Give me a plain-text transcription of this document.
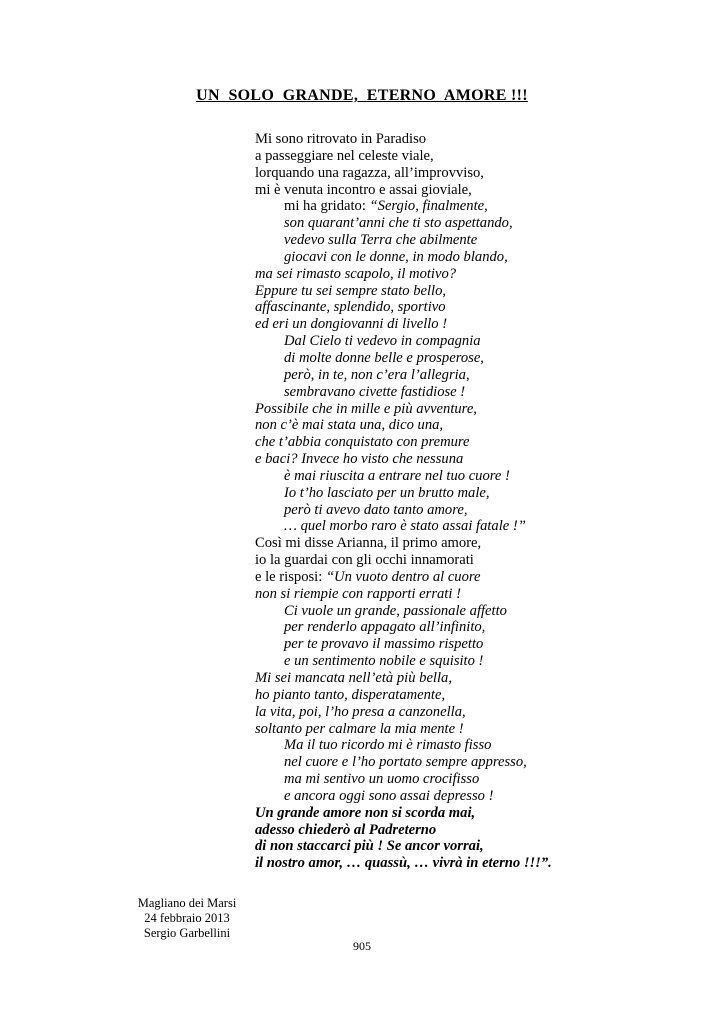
UN  SOLO  GRANDE,  ETERNO  AMORE !!!
Mi sono ritrovato in Paradiso
a passeggiare nel celeste viale,
lorquando una ragazza, all’improvviso,
mi è venuta incontro e assai gioviale,
mi ha gridato: “Sergio, finalmente,
son quarant’anni che ti sto aspettando,
vedevo sulla Terra che abilmente
giocavi con le donne, in modo blando,
ma sei rimasto scapolo, il motivo?
Eppure tu sei sempre stato bello,
affascinante, splendido, sportivo
ed eri un dongiovanni di livello !
Dal Cielo ti vedevo in compagnia
di molte donne belle e prosperose,
però, in te, non c’era l’allegria,
sembravano civette fastidiose !
Possibile che in mille e più avventure,
non c’è mai stata una, dico una,
che t’abbia conquistato con premure
e baci? Invece ho visto che nessuna
è mai riuscita a entrare nel tuo cuore !
Io t’ho lasciato per un brutto male,
però ti avevo dato tanto amore,
… quel morbo raro è stato assai fatale !”
Così mi disse Arianna, il primo amore,
io la guardai con gli occhi innamorati
e le risposi: “Un vuoto dentro al cuore
non si riempie con rapporti errati !
Ci vuole un grande, passionale affetto
per renderlo appagato all’infinito,
per te provavo il massimo rispetto
e un sentimento nobile e squisito !
Mi sei mancata nell’età più bella,
ho pianto tanto, disperatamente,
la vita, poi, l’ho presa a canzonella,
soltanto per calmare la mia mente !
Ma il tuo ricordo mi è rimasto fisso
nel cuore e l’ho portato sempre appresso,
ma mi sentivo un uomo crocifisso
e ancora oggi sono assai depresso !
Un grande amore non si scorda mai,
adesso chiederò al Padreterno
di non staccarci più ! Se ancor vorrai,
il nostro amor, … quassù, … vivrà in eterno !!!”.
Magliano dei Marsi
24 febbraio 2013
Sergio Garbellini
905
